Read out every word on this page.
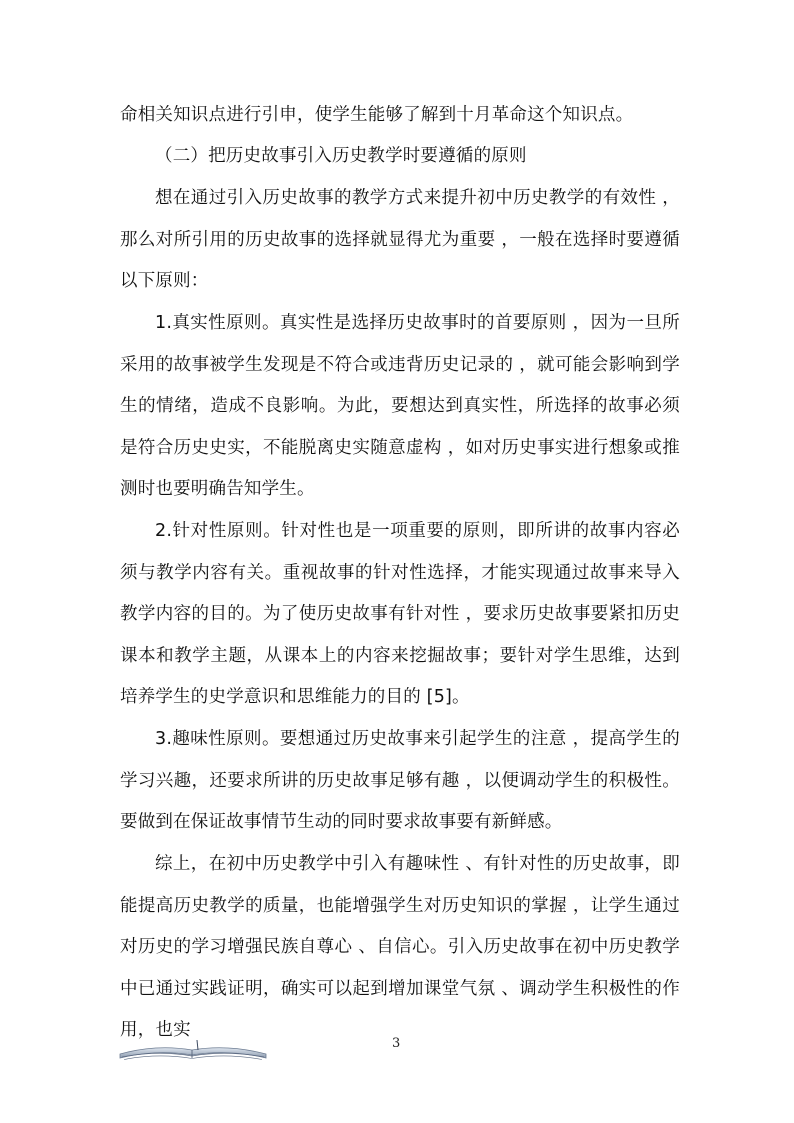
命相关知识点进行引申，使学生能够了解到十月革命这个知识点。

（二）把历史故事引入历史教学时要遵循的原则

想在通过引入历史故事的教学方式来提升初中历史教学的有效性 ，那么对所引用的历史故事的选择就显得尤为重要 ，一般在选择时要遵循以下原则：

1.真实性原则。真实性是选择历史故事时的首要原则 ，因为一旦所采用的故事被学生发现是不符合或违背历史记录的 ，就可能会影响到学生的情绪，造成不良影响。为此，要想达到真实性，所选择的故事必须是符合历史史实，不能脱离史实随意虚构 ，如对历史事实进行想象或推测时也要明确告知学生。

2.针对性原则。针对性也是一项重要的原则，即所讲的故事内容必须与教学内容有关。重视故事的针对性选择，才能实现通过故事来导入教学内容的目的。为了使历史故事有针对性 ，要求历史故事要紧扣历史课本和教学主题，从课本上的内容来挖掘故事；要针对学生思维，达到培养学生的史学意识和思维能力的目的 [5]。

3.趣味性原则。要想通过历史故事来引起学生的注意 ，提高学生的学习兴趣，还要求所讲的历史故事足够有趣 ，以便调动学生的积极性。要做到在保证故事情节生动的同时要求故事要有新鲜感。

综上，在初中历史教学中引入有趣味性 、有针对性的历史故事，即能提高历史教学的质量，也能增强学生对历史知识的掌握 ，让学生通过对历史的学习增强民族自尊心 、自信心。引入历史故事在初中历史教学中已通过实践证明，确实可以起到增加课堂气氛 、调动学生积极性的作用，也实

3
